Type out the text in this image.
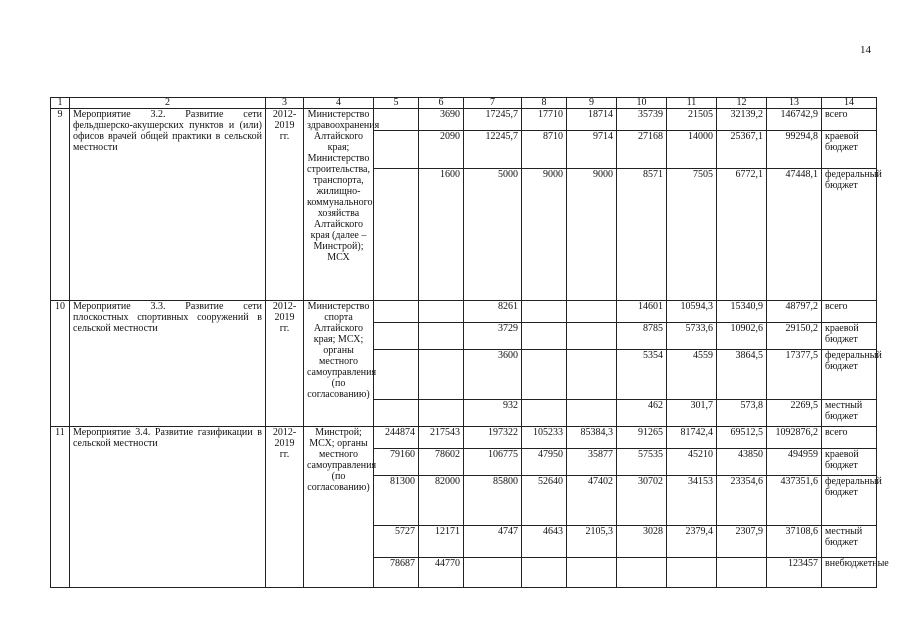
14
1	2	3	4	5	6	7	8	9	10	11	12	13	14
9	Мероприятие 3.2. Развитие сети фельдшерско-акушерских пунктов и (или) офисов врачей общей практики в сельской местности	2012-2019 гг.	Министерство здравоохранения Алтайского края; Министерство строительства, транспорта, жилищно-коммунального хозяйства Алтайского края (далее – Минстрой); МСХ		3690	17245,7	17710	18714	35739	21505	32139,2	146742,9	всего
					2090	12245,7	8710	9714	27168	14000	25367,1	99294,8	краевой бюджет
					1600	5000	9000	9000	8571	7505	6772,1	47448,1	федеральный бюджет
10	Мероприятие 3.3. Развитие сети плоскостных спортивных сооружений в сельской местности	2012-2019 гг.	Министерство спорта Алтайского края; МСХ; органы местного самоуправления (по согласованию)			8261			14601	10594,3	15340,9	48797,2	всего
						3729			8785	5733,6	10902,6	29150,2	краевой бюджет
						3600			5354	4559	3864,5	17377,5	федеральный бюджет
						932			462	301,7	573,8	2269,5	местный бюджет
11	Мероприятие 3.4. Развитие газификации в сельской местности	2012-2019 гг.	Минстрой; МСХ; органы местного самоуправления (по согласованию)	244874	217543	197322	105233	85384,3	91265	81742,4	69512,5	1092876,2	всего
				79160	78602	106775	47950	35877	57535	45210	43850	494959	краевой бюджет
				81300	82000	85800	52640	47402	30702	34153	23354,6	437351,6	федеральный бюджет
				5727	12171	4747	4643	2105,3	3028	2379,4	2307,9	37108,6	местный бюджет
				78687	44770							123457	внебюджетные
